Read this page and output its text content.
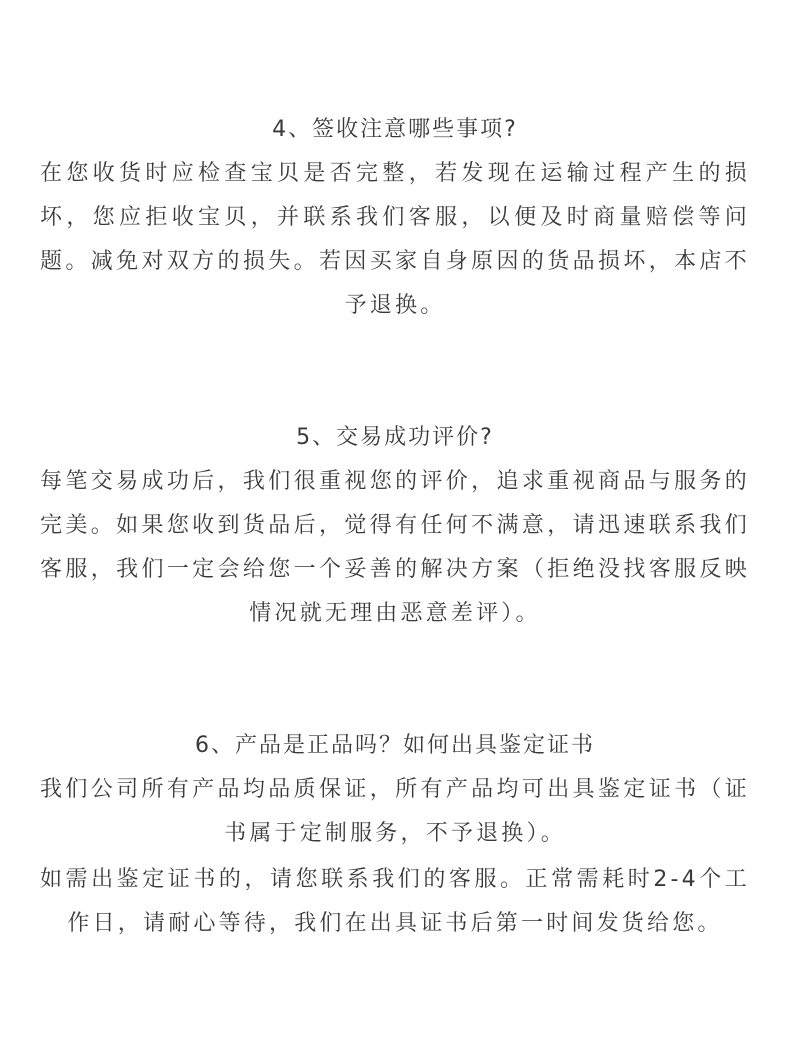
4、签收注意哪些事项?

在您收货时应检查宝贝是否完整，若发现在运输过程产生的损坏，您应拒收宝贝，并联系我们客服，以便及时商量赔偿等问题。减免对双方的损失。若因买家自身原因的货品损坏，本店不予退换。

5、交易成功评价?

每笔交易成功后，我们很重视您的评价，追求重视商品与服务的完美。如果您收到货品后，觉得有任何不满意，请迅速联系我们客服，我们一定会给您一个妥善的解决方案（拒绝没找客服反映情况就无理由恶意差评）。

6、产品是正品吗？如何出具鉴定证书

我们公司所有产品均品质保证，所有产品均可出具鉴定证书（证书属于定制服务，不予退换）。

如需出鉴定证书的，请您联系我们的客服。正常需耗时2-4个工作日，请耐心等待，我们在出具证书后第一时间发货给您。
